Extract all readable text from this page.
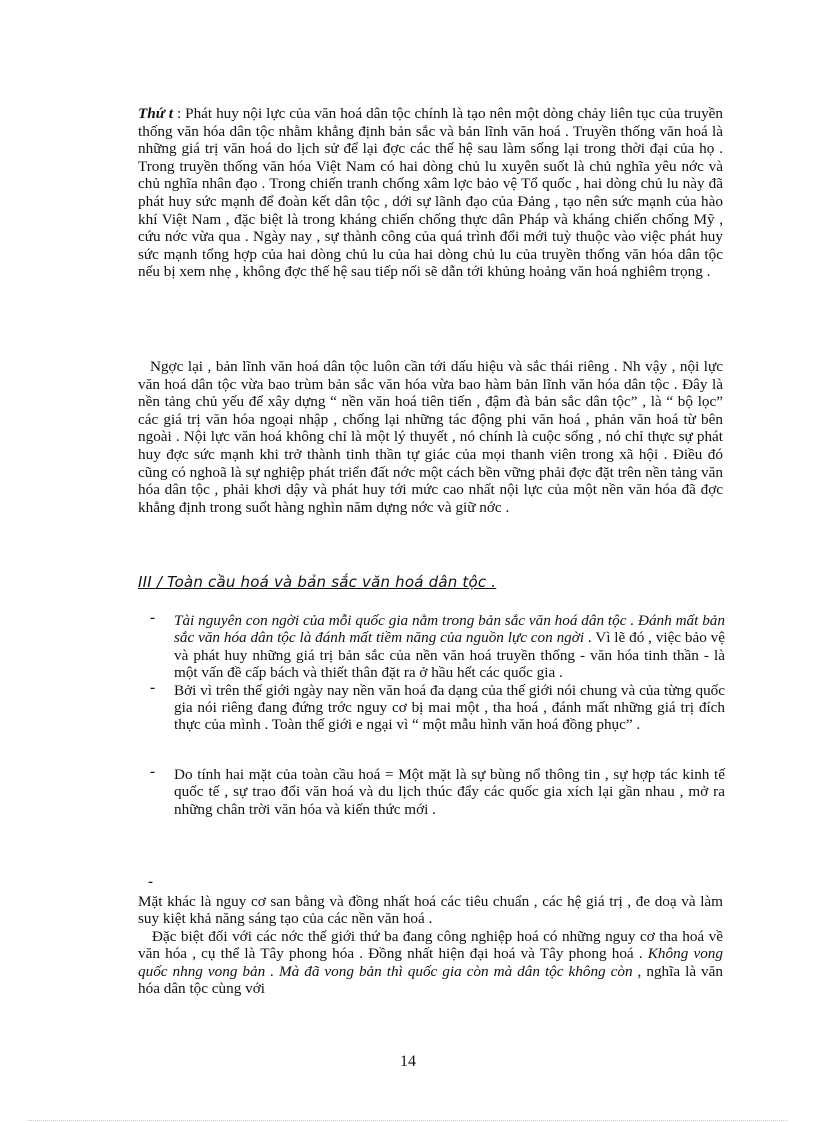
Thứ t : Phát huy nội lực của văn hoá dân tộc chính là tạo nên một dòng chảy liên tục của truyền thống văn hóa dân tộc nhằm khẳng định bản sắc và bản lĩnh văn hoá . Truyền thống văn hoá là những giá trị văn hoá do lịch sử để lại đợc các thế hệ sau làm sống lại trong thời đại của họ . Trong truyền thống văn hóa Việt Nam có hai dòng chủ lu xuyên suốt là chủ nghĩa yêu nớc và chủ nghĩa nhân đạo . Trong chiến tranh chống xâm lợc bảo vệ Tổ quốc , hai dòng chủ lu này đã phát huy sức mạnh để đoàn kết dân tộc , dới sự lãnh đạo của Đảng , tạo nên sức mạnh của hào khí Việt Nam , đặc biệt là trong kháng chiến chống thực dân Pháp và kháng chiến chống Mỹ , cứu nớc vừa qua . Ngày nay , sự thành công của quá trình đổi mới tuỳ thuộc vào việc phát huy sức mạnh tổng hợp của hai dòng chủ lu của hai dòng chủ lu của truyền thống văn hóa dân tộc nếu bị xem nhẹ , không đợc thế hệ sau tiếp nối sẽ dẫn tới khủng hoảng văn hoá nghiêm trọng .
Ngợc lại , bản lĩnh văn hoá dân tộc luôn cần tới dấu hiệu và sắc thái riêng . Nh vậy , nội lực văn hoá dân tộc vừa bao trùm bản sắc văn hóa vừa bao hàm bản lĩnh văn hóa dân tộc . Đây là nền tảng chủ yếu để xây dựng “ nền văn hoá tiên tiến , đậm đà bản sắc dân tộc” , là “ bộ lọc” các giá trị văn hóa ngoại nhập , chống lại những tác động phi văn hoá , phản văn hoá từ bên ngoài . Nội lực văn hoá không chỉ là một lý thuyết , nó chính là cuộc sống , nó chỉ thực sự phát huy đợc sức mạnh khi trở thành tinh thần tự giác của mọi thanh viên trong xã hội . Điều đó cũng có nghoã là sự nghiệp phát triển đất nớc một cách bền vững phải đợc đặt trên nền tảng văn hóa dân tộc , phải khơi dậy và phát huy tới mức cao nhất nội lực của một nền văn hóa đã đợc khẳng định trong suốt hàng nghìn năm dựng nớc và giữ nớc .
III / Toàn cầu hoá và bản sắc văn hoá dân tộc .
- Tài nguyên con ngời của mỗi quốc gia nằm trong bản sắc văn hoá dân tộc . Đánh mất bản sắc văn hóa dân tộc là đánh mất tiềm năng của nguồn lực con ngời . Vì lẽ đó , việc bảo vệ và phát huy những giá trị bản sắc của nền văn hoá truyền thống - văn hóa tinh thần - là một vấn đề cấp bách và thiết thân đặt ra ở hầu hết các quốc gia .
- Bởi vì trên thế giới ngày nay nền văn hoá đa dạng của thế giới nói chung và của từng quốc gia nói riêng đang đứng trớc nguy cơ bị mai một , tha hoá , đánh mất những giá trị đích thực của mình . Toàn thế giới e ngại vì “ một mẫu hình văn hoá đồng phục” .
- Do tính hai mặt của toàn cầu hoá = Một mặt là sự bùng nổ thông tin , sự hợp tác kinh tế quốc tế , sự trao đổi văn hoá và du lịch thúc đẩy các quốc gia xích lại gần nhau , mở ra những chân trời văn hóa và kiến thức mới .
-
Mặt khác là nguy cơ san bằng và đồng nhất hoá các tiêu chuẩn , các hệ giá trị , đe doạ và làm suy kiệt khả năng sáng tạo của các nền văn hoá .
Đặc biệt đối với các nớc thế giới thứ ba đang công nghiệp hoá có những nguy cơ tha hoá về văn hóa , cụ thể là Tây phong hóa . Đồng nhất hiện đại hoá và Tây phong hoá . Không vong quốc nhng vong bản . Mà đã vong bản thì quốc gia còn mà dân tộc không còn , nghĩa là văn hóa dân tộc cùng với
14
